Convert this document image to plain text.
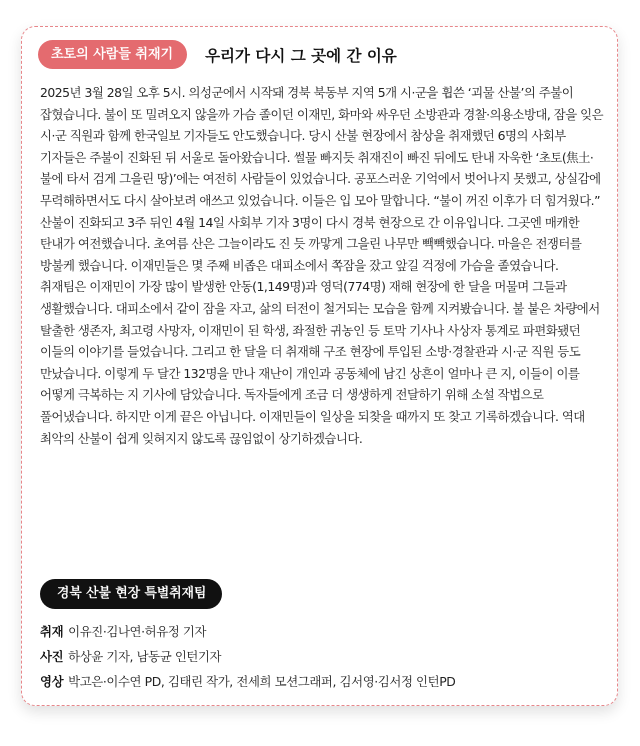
초토의 사람들 취재기	우리가 다시 그 곳에 간 이유

2025년 3월 28일 오후 5시. 의성군에서 시작돼 경북 북동부 지역 5개 시·군을 휩쓴 ‘괴물 산불’의 주불이 잡혔습니다. 불이 또 밀려오지 않을까 가슴 졸이던 이재민, 화마와 싸우던 소방관과 경찰·의용소방대, 잠을 잊은 시·군 직원과 함께 한국일보 기자들도 안도했습니다. 당시 산불 현장에서 참상을 취재했던 6명의 사회부 기자들은 주불이 진화된 뒤 서울로 돌아왔습니다. 썰물 빠지듯 취재진이 빠진 뒤에도 탄내 자욱한 ‘초토(焦土·불에 타서 검게 그을린 땅)’에는 여전히 사람들이 있었습니다. 공포스러운 기억에서 벗어나지 못했고, 상실감에 무력해하면서도 다시 살아보려 애쓰고 있었습니다. 이들은 입 모아 말합니다. “불이 꺼진 이후가 더 힘겨웠다.” 산불이 진화되고 3주 뒤인 4월 14일 사회부 기자 3명이 다시 경북 현장으로 간 이유입니다. 그곳엔 매캐한 탄내가 여전했습니다. 초여름 산은 그늘이라도 진 듯 까맣게 그을린 나무만 빽빽했습니다. 마을은 전쟁터를 방불케 했습니다. 이재민들은 몇 주째 비좁은 대피소에서 쪽잠을 잤고 앞길 걱정에 가슴을 졸였습니다. 취재팀은 이재민이 가장 많이 발생한 안동(1,149명)과 영덕(774명) 재해 현장에 한 달을 머물며 그들과 생활했습니다. 대피소에서 같이 잠을 자고, 삶의 터전이 철거되는 모습을 함께 지켜봤습니다. 불 붙은 차량에서 탈출한 생존자, 최고령 사망자, 이재민이 된 학생, 좌절한 귀농인 등 토막 기사나 사상자 통계로 파편화됐던 이들의 이야기를 들었습니다. 그리고 한 달을 더 취재해 구조 현장에 투입된 소방·경찰관과 시·군 직원 등도 만났습니다. 이렇게 두 달간 132명을 만나 재난이 개인과 공동체에 남긴 상흔이 얼마나 큰 지, 이들이 이를 어떻게 극복하는 지 기사에 담았습니다. 독자들에게 조금 더 생생하게 전달하기 위해 소설 작법으로 풀어냈습니다. 하지만 이게 끝은 아닙니다. 이재민들이 일상을 되찾을 때까지 또 찾고 기록하겠습니다. 역대 최악의 산불이 쉽게 잊혀지지 않도록 끊임없이 상기하겠습니다.

경북 산불 현장 특별취재팀
취재 이유진·김나연·허유정 기자
사진 하상윤 기자, 남동균 인턴기자
영상 박고은·이수연 PD, 김태린 작가, 전세희 모션그래퍼, 김서영·김서정 인턴PD
